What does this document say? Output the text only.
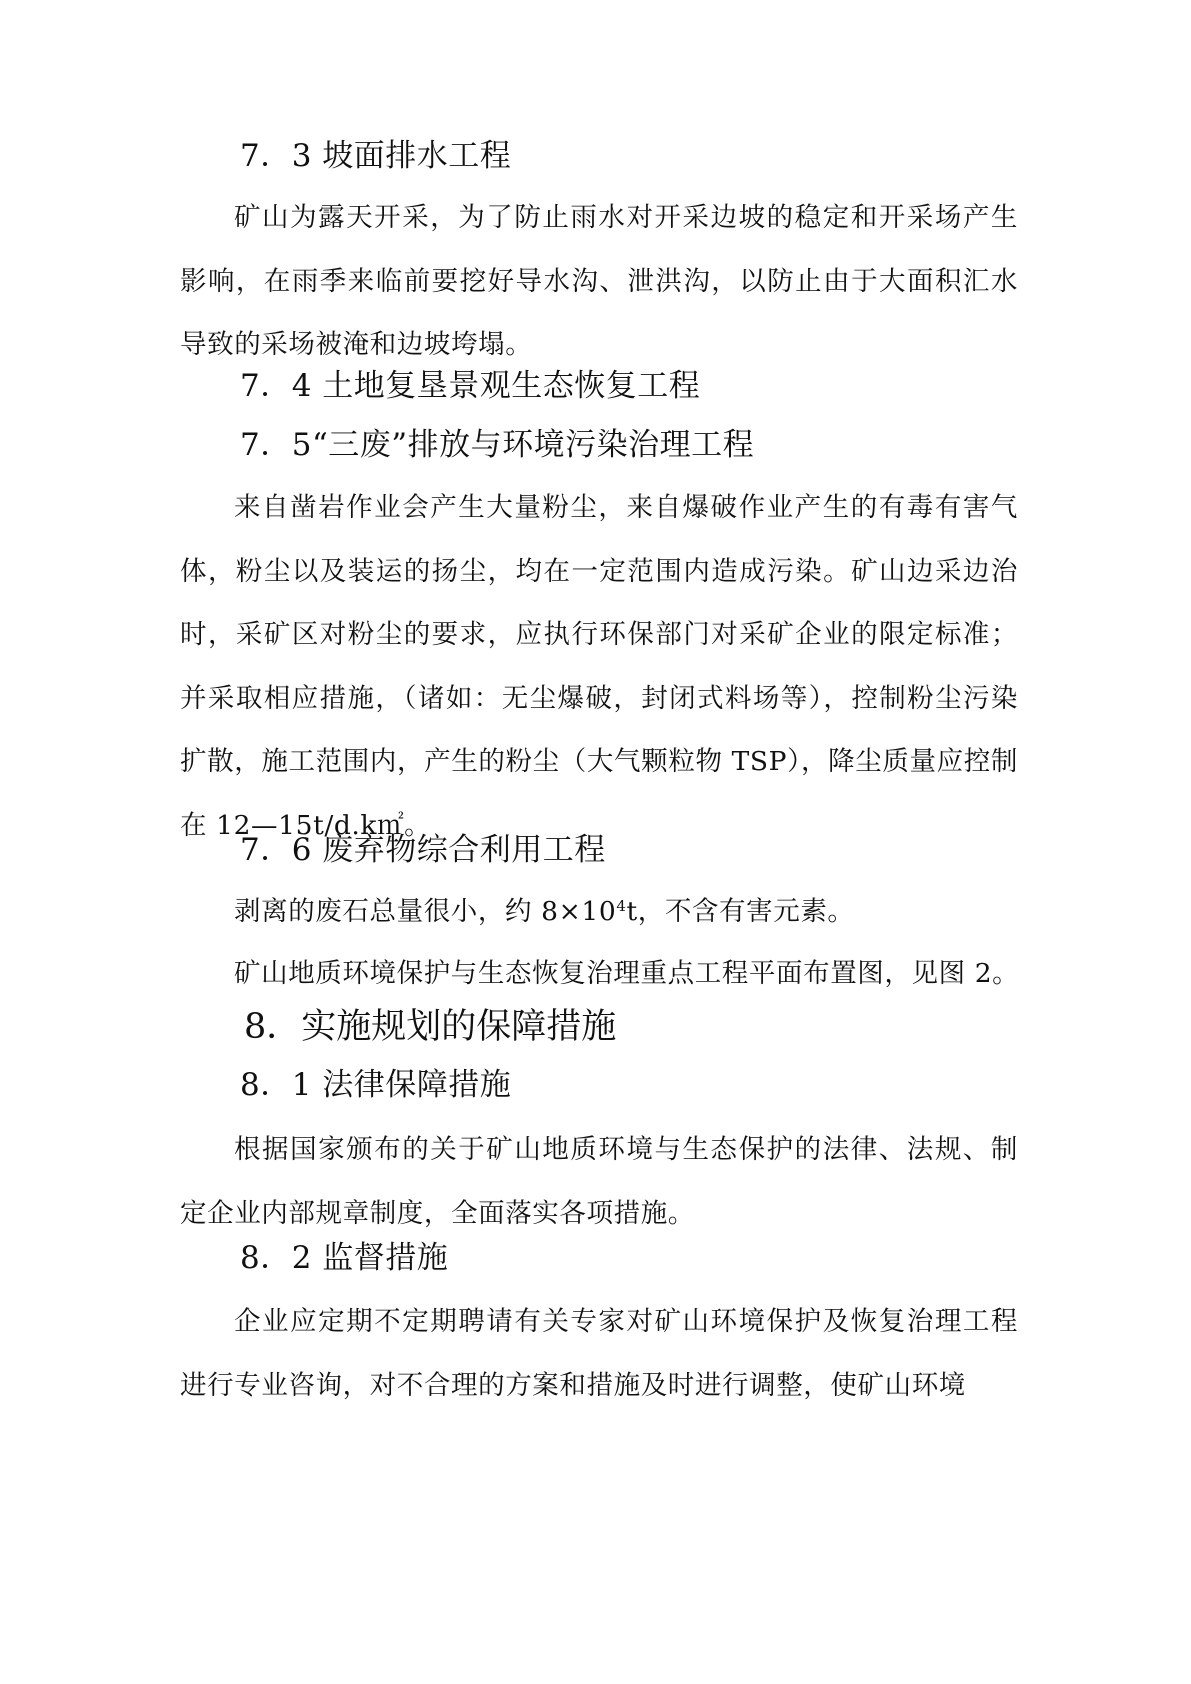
7．3 坡面排水工程

矿山为露天开采，为了防止雨水对开采边坡的稳定和开采场产生影响，在雨季来临前要挖好导水沟、泄洪沟，以防止由于大面积汇水导致的采场被淹和边坡垮塌。

7．4 土地复垦景观生态恢复工程
7．5“三废”排放与环境污染治理工程

来自凿岩作业会产生大量粉尘，来自爆破作业产生的有毒有害气体，粉尘以及装运的扬尘，均在一定范围内造成污染。矿山边采边治时，采矿区对粉尘的要求，应执行环保部门对采矿企业的限定标准；并采取相应措施，（诸如：无尘爆破，封闭式料场等），控制粉尘污染扩散，施工范围内，产生的粉尘（大气颗粒物 TSP），降尘质量应控制在 12—15t/d.k㎡。

7．6 废弃物综合利用工程
剥离的废石总量很小，约 $8\times 10^4t$，不含有害元素。
矿山地质环境保护与生态恢复治理重点工程平面布置图，见图 2。
8．实施规划的保障措施
8．1 法律保障措施

根据国家颁布的关于矿山地质环境与生态保护的法律、法规、制定企业内部规章制度，全面落实各项措施。

8．2 监督措施

企业应定期不定期聘请有关专家对矿山环境保护及恢复治理工程进行专业咨询，对不合理的方案和措施及时进行调整，使矿山环境
